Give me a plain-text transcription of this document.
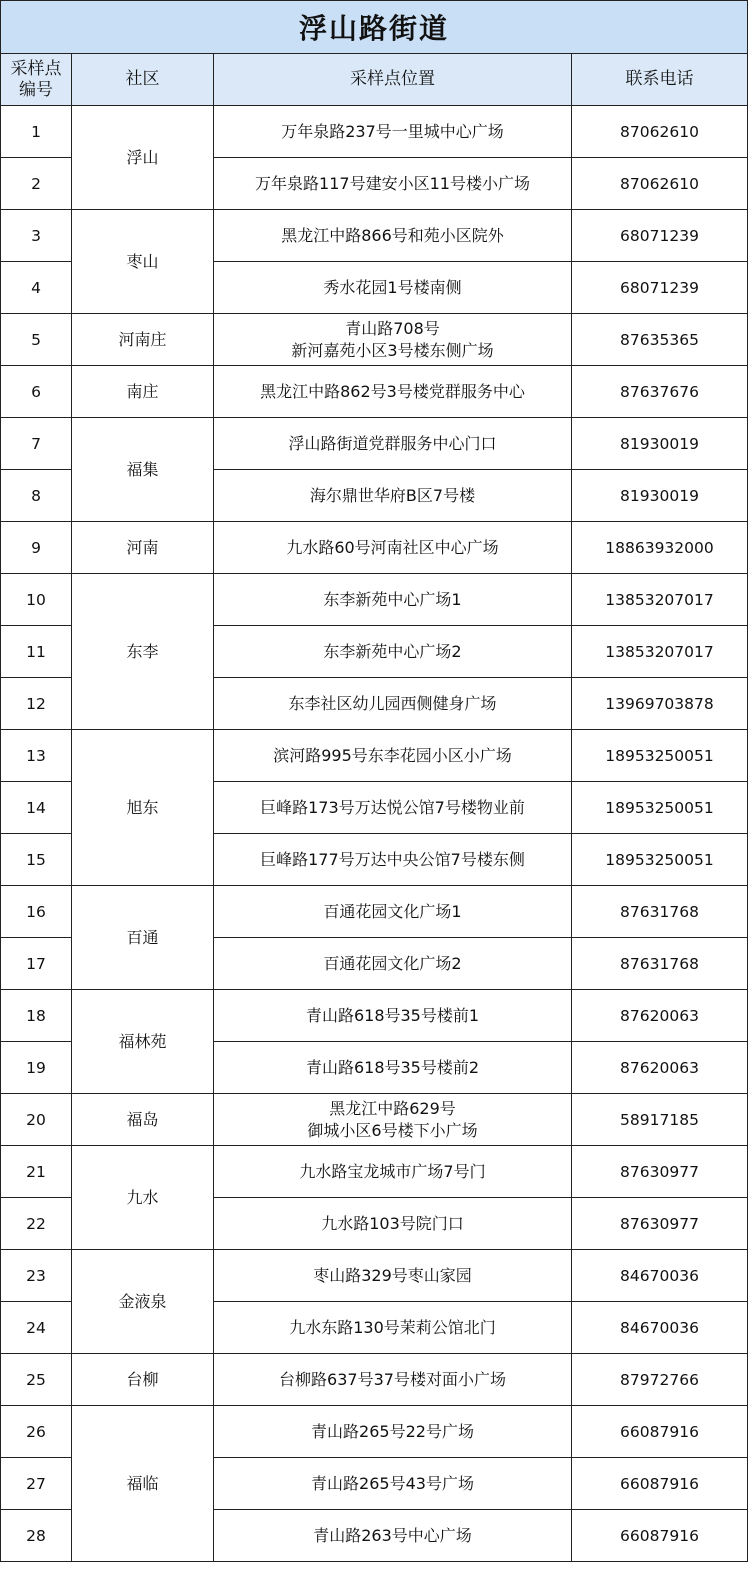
浮山路街道			
采样点
编号	社区	采样点位置	联系电话
1	浮山	万年泉路237号一里城中心广场	87062610
2		万年泉路117号建安小区11号楼小广场	87062610
3	枣山	黑龙江中路866号和苑小区院外	68071239
4		秀水花园1号楼南侧	68071239
5	河南庄	青山路708号
新河嘉苑小区3号楼东侧广场	87635365
6	南庄	黑龙江中路862号3号楼党群服务中心	87637676
7	福集	浮山路街道党群服务中心门口	81930019
8		海尔鼎世华府B区7号楼	81930019
9	河南	九水路60号河南社区中心广场	18863932000
10	东李	东李新苑中心广场1	13853207017
11		东李新苑中心广场2	13853207017
12		东李社区幼儿园西侧健身广场	13969703878
13	旭东	滨河路995号东李花园小区小广场	18953250051
14		巨峰路173号万达悦公馆7号楼物业前	18953250051
15		巨峰路177号万达中央公馆7号楼东侧	18953250051
16	百通	百通花园文化广场1	87631768
17		百通花园文化广场2	87631768
18	福林苑	青山路618号35号楼前1	87620063
19		青山路618号35号楼前2	87620063
20	福岛	黑龙江中路629号
御城小区6号楼下小广场	58917185
21	九水	九水路宝龙城市广场7号门	87630977
22		九水路103号院门口	87630977
23	金液泉	枣山路329号枣山家园	84670036
24		九水东路130号茉莉公馆北门	84670036
25	台柳	台柳路637号37号楼对面小广场	87972766
26	福临	青山路265号22号广场	66087916
27		青山路265号43号广场	66087916
28		青山路263号中心广场	66087916
